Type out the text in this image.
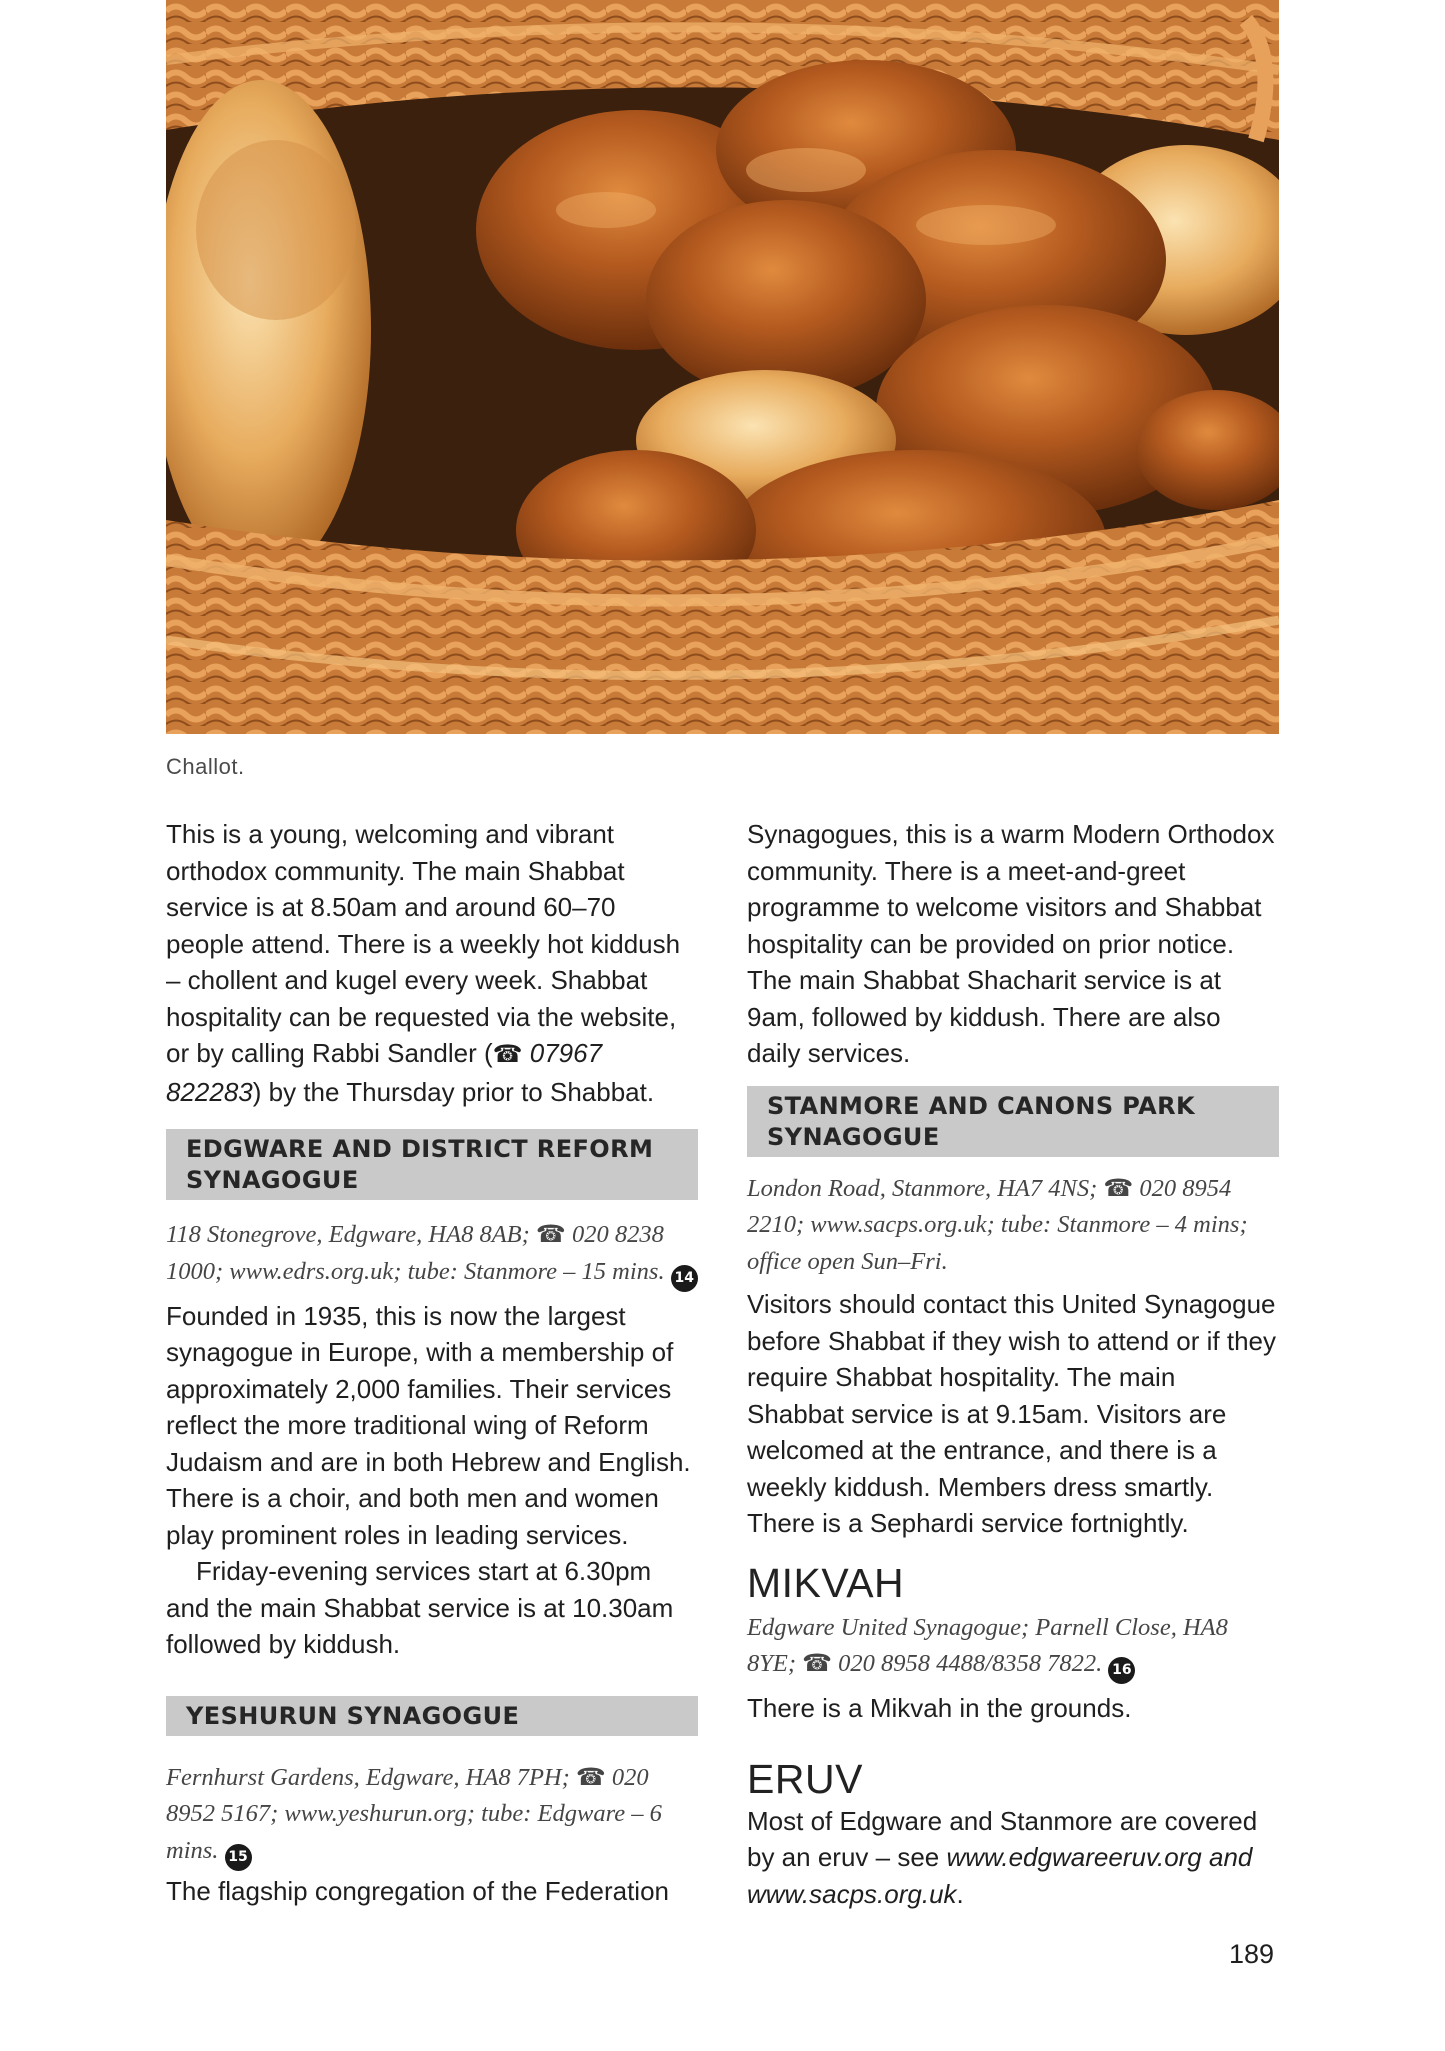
Challot.

This is a young, welcoming and vibrant orthodox community. The main Shabbat service is at 8.50am and around 60–70 people attend. There is a weekly hot kiddush – chollent and kugel every week. Shabbat hospitality can be requested via the website, or by calling Rabbi Sandler (☎ 07967 822283) by the Thursday prior to Shabbat.

EDGWARE AND DISTRICT REFORM SYNAGOGUE

118 Stonegrove, Edgware, HA8 8AB; ☎ 020 8238 1000; www.edrs.org.uk; tube: Stanmore – 15 mins. 14

Founded in 1935, this is now the largest synagogue in Europe, with a membership of approximately 2,000 families. Their services reflect the more traditional wing of Reform Judaism and are in both Hebrew and English. There is a choir, and both men and women play prominent roles in leading services.

Friday-evening services start at 6.30pm and the main Shabbat service is at 10.30am followed by kiddush.

YESHURUN SYNAGOGUE

Fernhurst Gardens, Edgware, HA8 7PH; ☎ 020 8952 5167; www.yeshurun.org; tube: Edgware – 6 mins. 15

The flagship congregation of the Federation

Synagogues, this is a warm Modern Orthodox community. There is a meet-and-greet programme to welcome visitors and Shabbat hospitality can be provided on prior notice. The main Shabbat Shacharit service is at 9am, followed by kiddush. There are also daily services.

STANMORE AND CANONS PARK SYNAGOGUE

London Road, Stanmore, HA7 4NS; ☎ 020 8954 2210; www.sacps.org.uk; tube: Stanmore – 4 mins; office open Sun–Fri.

Visitors should contact this United Synagogue before Shabbat if they wish to attend or if they require Shabbat hospitality. The main Shabbat service is at 9.15am. Visitors are welcomed at the entrance, and there is a weekly kiddush. Members dress smartly. There is a Sephardi service fortnightly.

MIKVAH

Edgware United Synagogue; Parnell Close, HA8 8YE; ☎ 020 8958 4488/8358 7822. 16

There is a Mikvah in the grounds.

ERUV

Most of Edgware and Stanmore are covered by an eruv – see www.edgwareeruv.org and www.sacps.org.uk.

189
